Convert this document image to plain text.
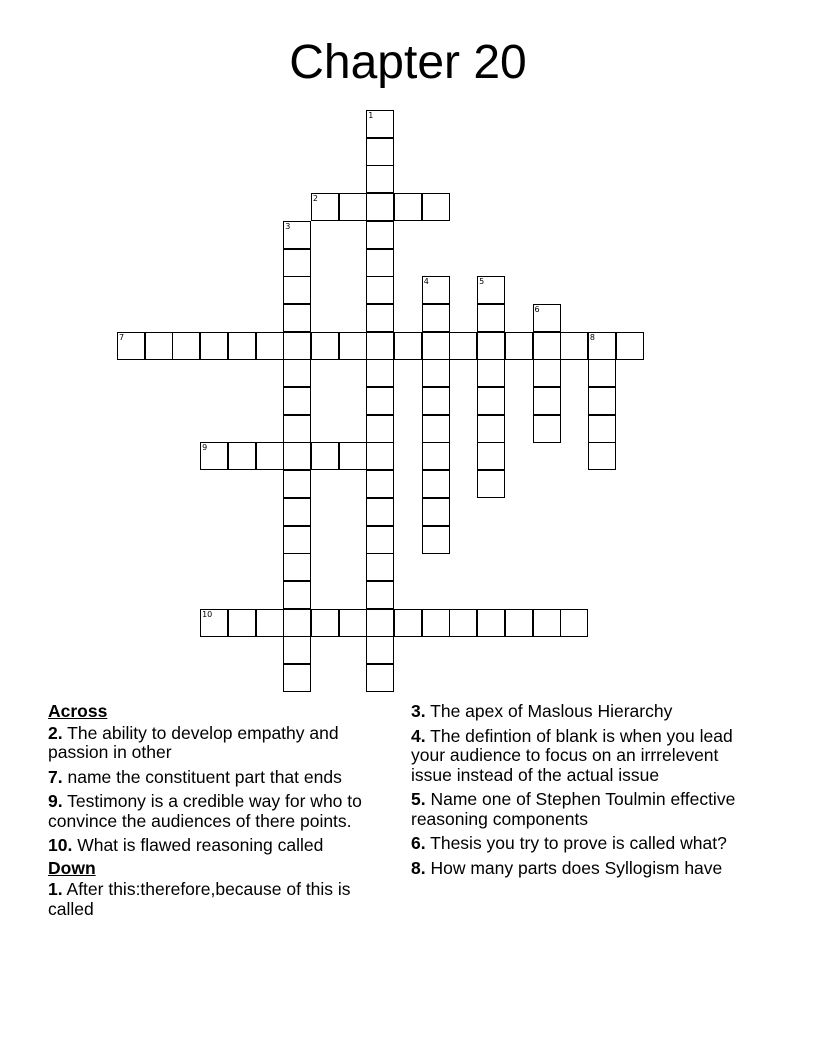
Chapter 20
1
2
3
4	5
6
7	8
9
10
Across
2. The ability to develop empathy and passion in other
7. name the constituent part that ends
9. Testimony is a credible way for who to convince the audiences of there points.
10. What is flawed reasoning called
Down
1. After this:therefore,because of this is called
3. The apex of Maslous Hierarchy
4. The defintion of blank is when you lead your audience to focus on an irrrelevent issue instead of the actual issue
5. Name one of Stephen Toulmin effective reasoning components
6. Thesis you try to prove is called what?
8. How many parts does Syllogism have
